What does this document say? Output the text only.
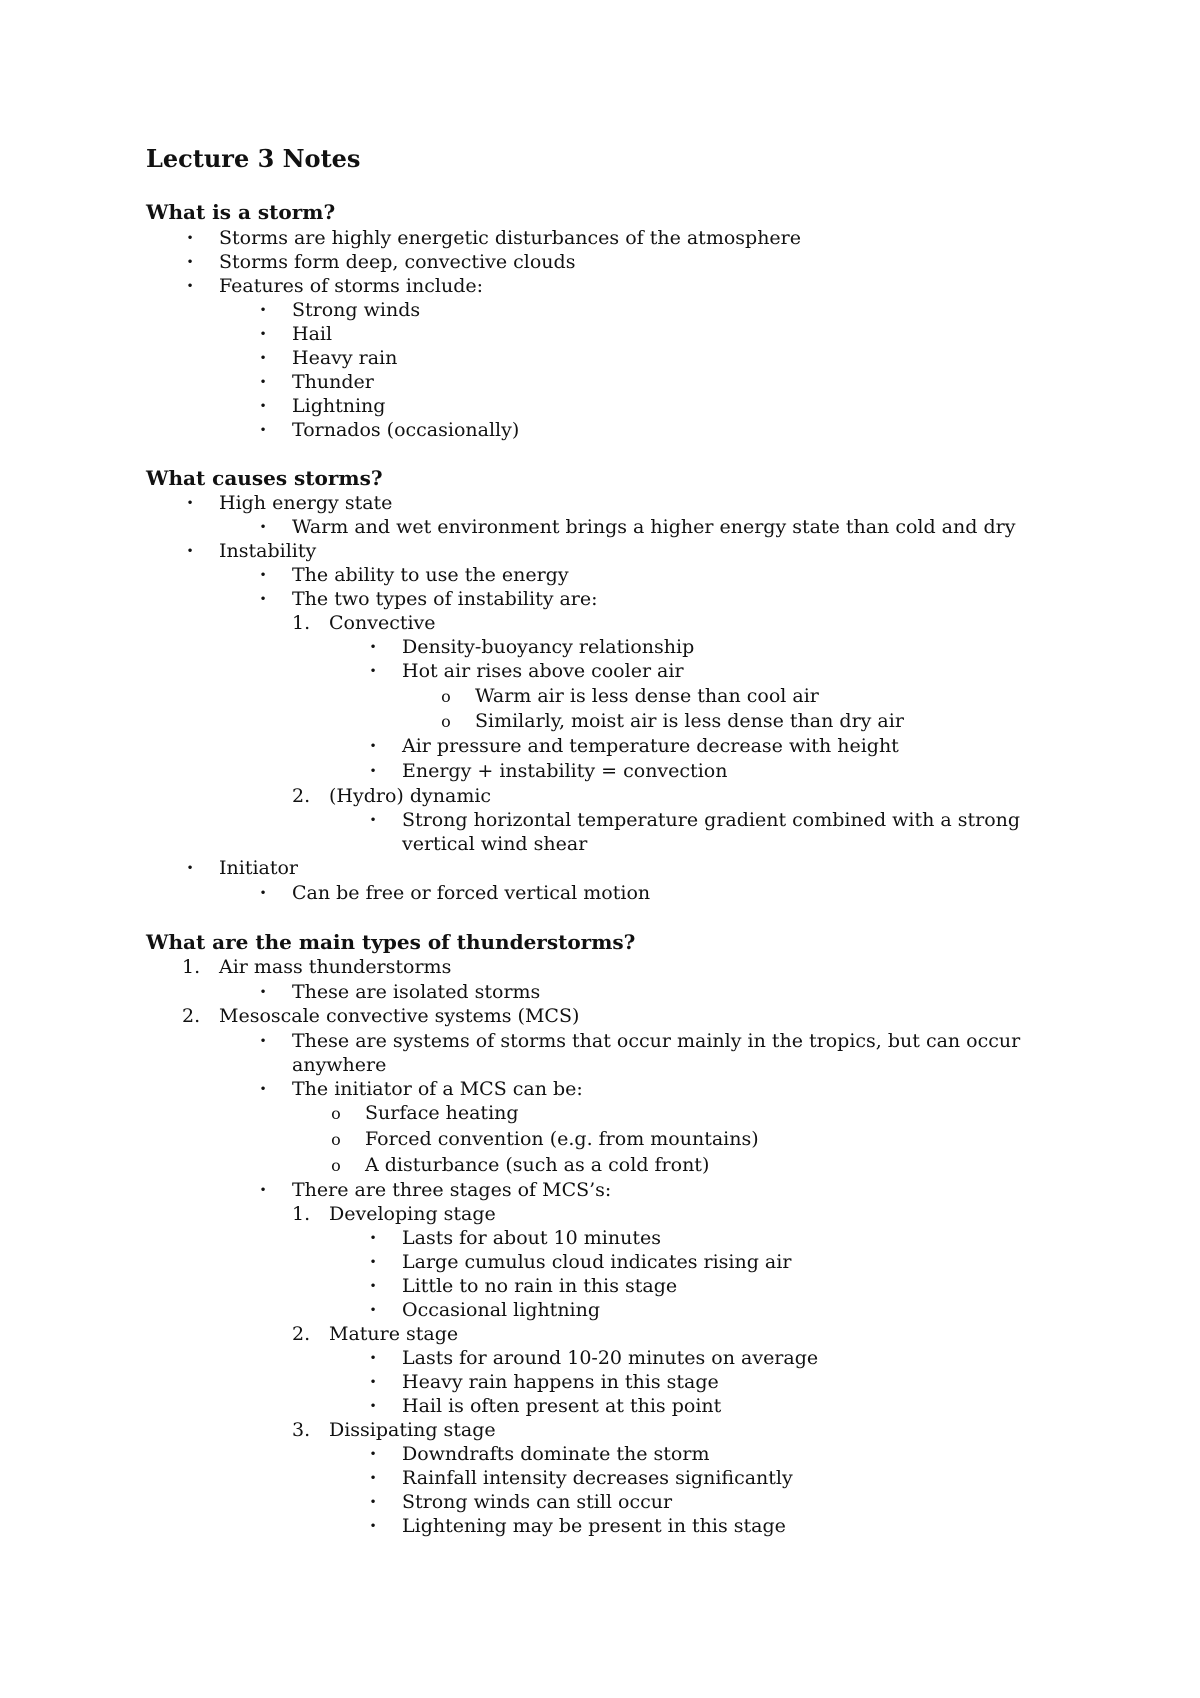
Lecture 3 Notes
What is a storm?
·
Storms are highly energetic disturbances of the atmosphere
·
Storms form deep, convective clouds
·
Features of storms include:
·
Strong winds
·
Hail
·
Heavy rain
·
Thunder
·
Lightning
·
Tornados (occasionally)
What causes storms?
·
High energy state
·
Warm and wet environment brings a higher energy state than cold and dry
·
Instability
·
The ability to use the energy
·
The two types of instability are:
1. Convective
·
Density-buoyancy relationship
·
Hot air rises above cooler air
o
Warm air is less dense than cool air
o
Similarly, moist air is less dense than dry air
·
Air pressure and temperature decrease with height
·
Energy + instability = convection
2. (Hydro) dynamic
·
Strong horizontal temperature gradient combined with a strong
vertical wind shear
·
Initiator
·
Can be free or forced vertical motion
What are the main types of thunderstorms?
1. Air mass thunderstorms
·
These are isolated storms
2. Mesoscale convective systems (MCS)
·
These are systems of storms that occur mainly in the tropics, but can occur
anywhere
·
The initiator of a MCS can be:
o
Surface heating
o
Forced convention (e.g. from mountains)
o
A disturbance (such as a cold front)
·
There are three stages of MCS’s:
1. Developing stage
·
Lasts for about 10 minutes
·
Large cumulus cloud indicates rising air
·
Little to no rain in this stage
·
Occasional lightning
2. Mature stage
·
Lasts for around 10-20 minutes on average
·
Heavy rain happens in this stage
·
Hail is often present at this point
3. Dissipating stage
·
Downdrafts dominate the storm
·
Rainfall intensity decreases significantly
·
Strong winds can still occur
·
Lightening may be present in this stage
